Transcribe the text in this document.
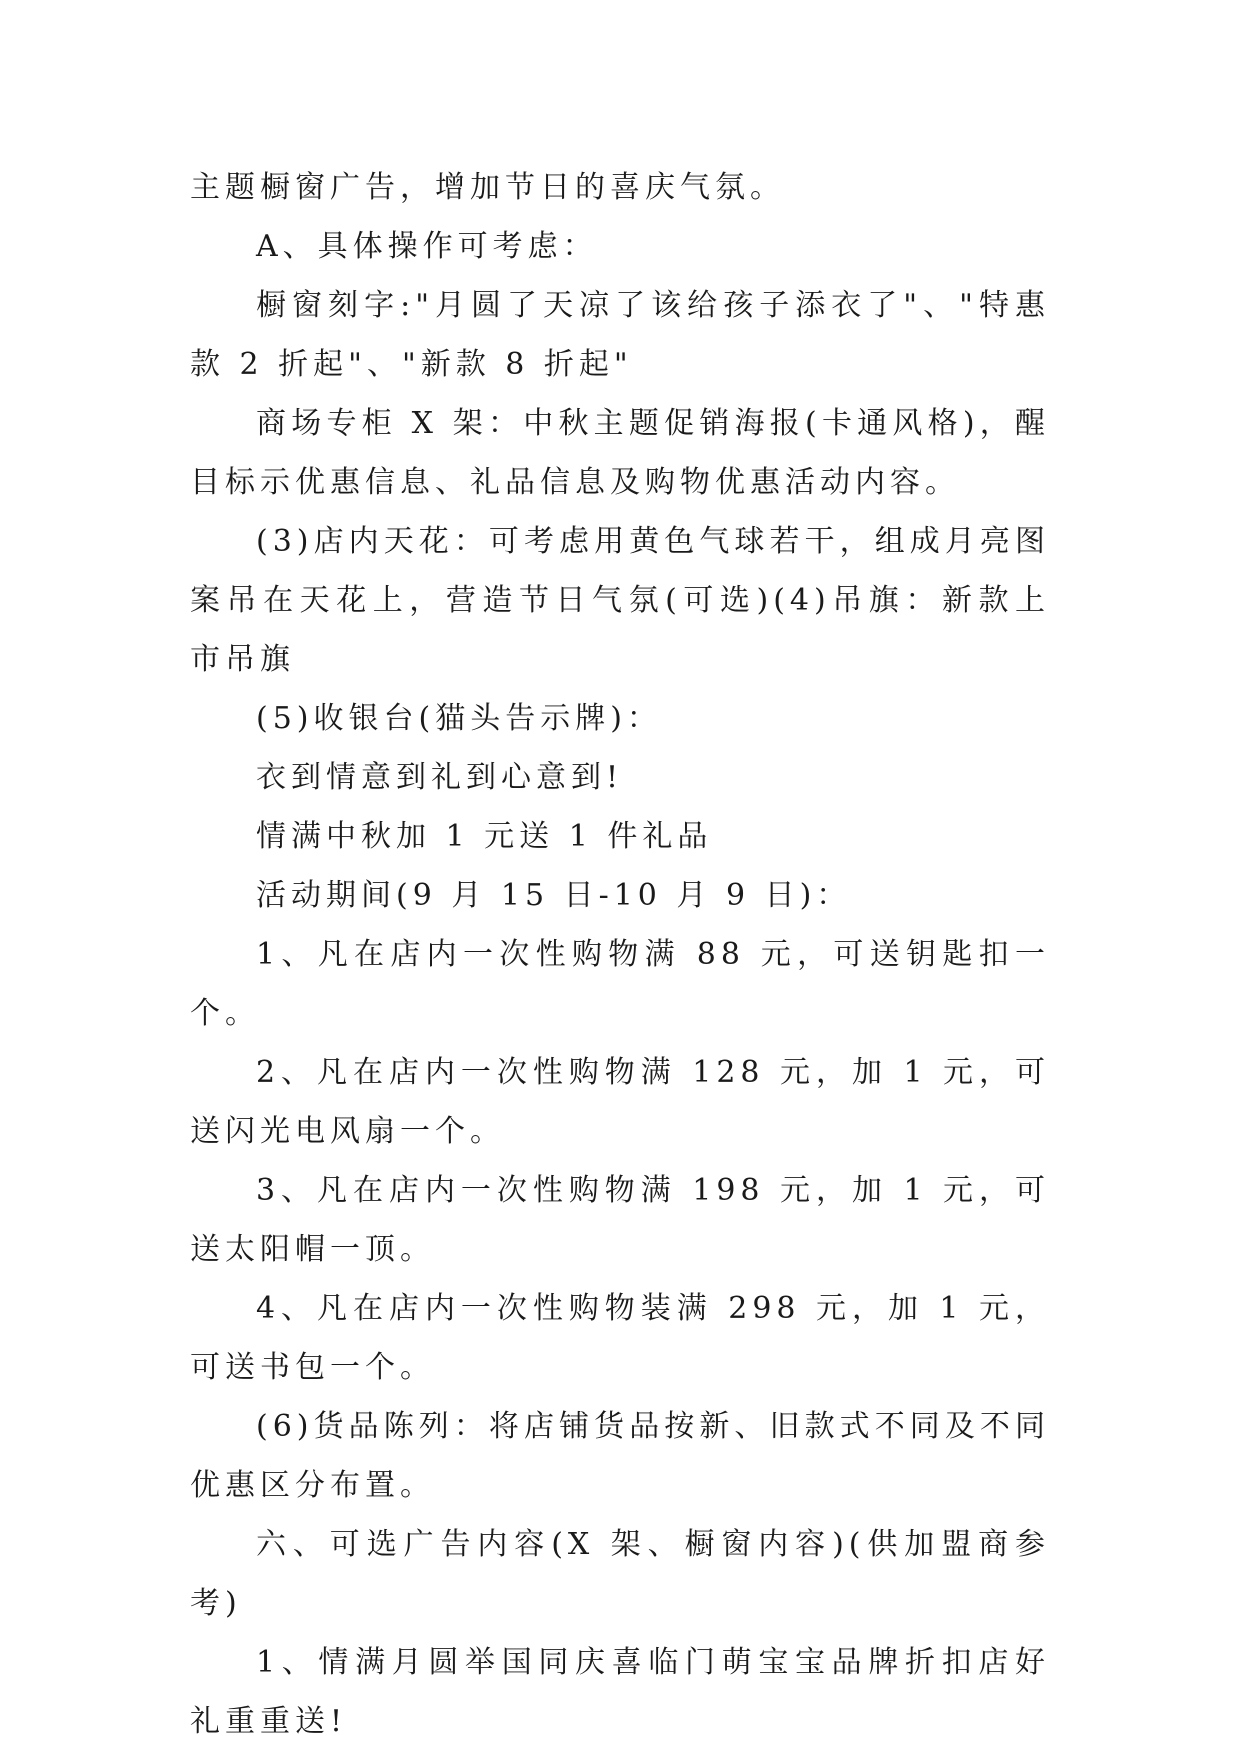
主题橱窗广告，增加节日的喜庆气氛。

A、具体操作可考虑：

橱窗刻字:"月圆了天凉了该给孩子添衣了"、"特惠款 2 折起"、"新款 8 折起"

商场专柜 X 架：中秋主题促销海报(卡通风格)，醒目标示优惠信息、礼品信息及购物优惠活动内容。

(3)店内天花：可考虑用黄色气球若干，组成月亮图案吊在天花上，营造节日气氛(可选)(4)吊旗：新款上市吊旗

(5)收银台(猫头告示牌)：

衣到情意到礼到心意到!

情满中秋加 1 元送 1 件礼品

活动期间(9 月 15 日-10 月 9 日)：

1、凡在店内一次性购物满 88 元，可送钥匙扣一个。

2、凡在店内一次性购物满 128 元，加 1 元，可送闪光电风扇一个。

3、凡在店内一次性购物满 198 元，加 1 元，可送太阳帽一顶。

4、凡在店内一次性购物装满 298 元，加 1 元，可送书包一个。

(6)货品陈列：将店铺货品按新、旧款式不同及不同优惠区分布置。

六、可选广告内容(X 架、橱窗内容)(供加盟商参考)

1、情满月圆举国同庆喜临门萌宝宝品牌折扣店好礼重重送!
